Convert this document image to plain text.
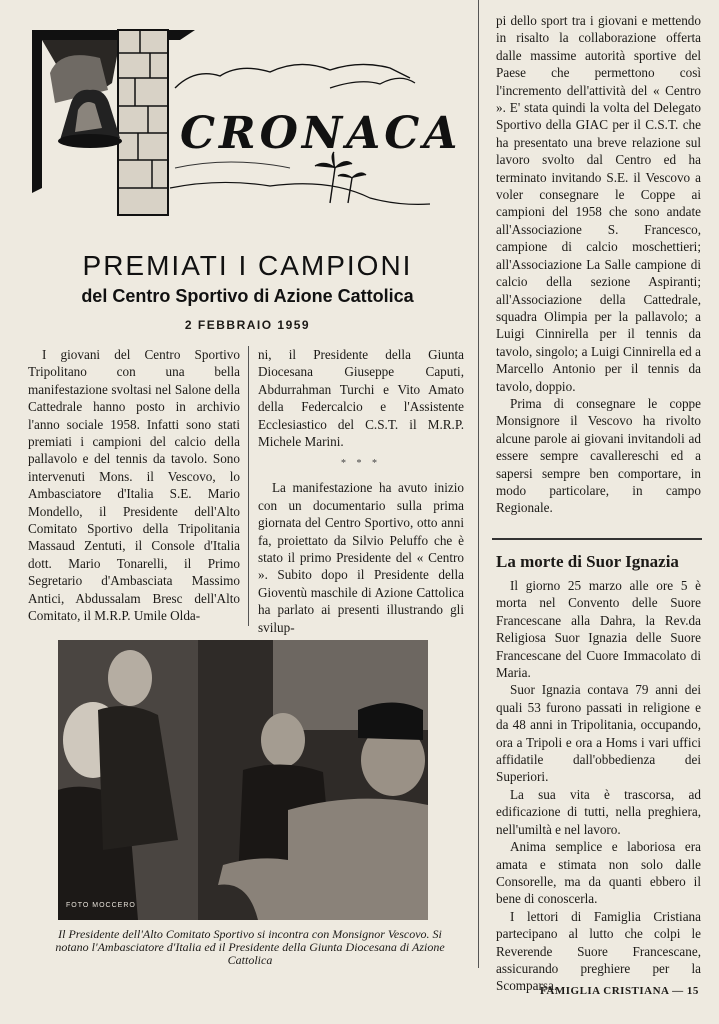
CRONACA
PREMIATI I CAMPIONI
del Centro Sportivo di Azione Cattolica
2 FEBBRAIO 1959

I giovani del Centro Sportivo Tripolitano con una bella manifestazione svoltasi nel Salone della Cattedrale hanno posto in archivio l'anno sociale 1958. Infatti sono stati premiati i campioni del calcio della pallavolo e del tennis da tavolo. Sono intervenuti Mons. il Vescovo, lo Ambasciatore d'Italia S.E. Mario Mondello, il Presidente dell'Alto Comitato Sportivo della Tripolitania Massaud Zentuti, il Console d'Italia dott. Mario Tonarelli, il Primo Segretario d'Ambasciata Massimo Antici, Abdussalam Bresc dell'Alto Comitato, il M.R.P. Umile Olda-

ni, il Presidente della Giunta Diocesana Giuseppe Caputi, Abdurrahman Turchi e Vito Amato della Federcalcio e l'Assistente Ecclesiastico del C.S.T. il M.R.P. Michele Marini.

* * *

La manifestazione ha avuto inizio con un documentario sulla prima giornata del Centro Sportivo, otto anni fa, proiettato da Silvio Peluffo che è stato il primo Presidente del « Centro ». Subito dopo il Presidente della Gioventù maschile di Azione Cattolica ha parlato ai presenti illustrando gli svilup-

pi dello sport tra i giovani e mettendo in risalto la collaborazione offerta dalle massime autorità sportive del Paese che permettono così l'incremento dell'attività del « Centro ». E' stata quindi la volta del Delegato Sportivo della GIAC per il C.S.T. che ha presentato una breve relazione sul lavoro svolto dal Centro ed ha terminato invitando S.E. il Vescovo a voler consegnare le Coppe ai campioni del 1958 che sono andate all'Associazione S. Francesco, campione di calcio moschettieri; all'Associazione La Salle campione di calcio della sezione Aspiranti; all'Associazione della Cattedrale, squadra Olimpia per la pallavolo; a Luigi Cinnirella per il tennis da tavolo, singolo; a Luigi Cinnirella ed a Marcello Antonio per il tennis da tavolo, doppio.

Prima di consegnare le coppe Monsignore il Vescovo ha rivolto alcune parole ai giovani invitandoli ad essere sempre cavallereschi ed a sapersi sempre ben comportare, in modo particolare, in campo Regionale.

La morte di Suor Ignazia

Il giorno 25 marzo alle ore 5 è morta nel Convento delle Suore Francescane alla Dahra, la Rev.da Religiosa Suor Ignazia delle Suore Francescane del Cuore Immacolato di Maria.

Suor Ignazia contava 79 anni dei quali 53 furono passati in religione e da 48 anni in Tripolitania, occupando, ora a Tripoli e ora a Homs i vari uffici affidatile dall'obbedienza dei Superiori.

La sua vita è trascorsa, ad edificazione di tutti, nella preghiera, nell'umiltà e nel lavoro.

Anima semplice e laboriosa era amata e stimata non solo dalle Consorelle, ma da quanti ebbero il bene di conoscerla.

I lettori di Famiglia Cristiana partecipano al lutto che colpi le Reverende Suore Francescane, assicurando preghiere per la Scomparsa.

FOTO MOCCERO
Il Presidente dell'Alto Comitato Sportivo si incontra con Monsignor Vescovo. Si notano l'Ambasciatore d'Italia ed il Presidente della Giunta Diocesana di Azione Cattolica
FAMIGLIA CRISTIANA — 15
